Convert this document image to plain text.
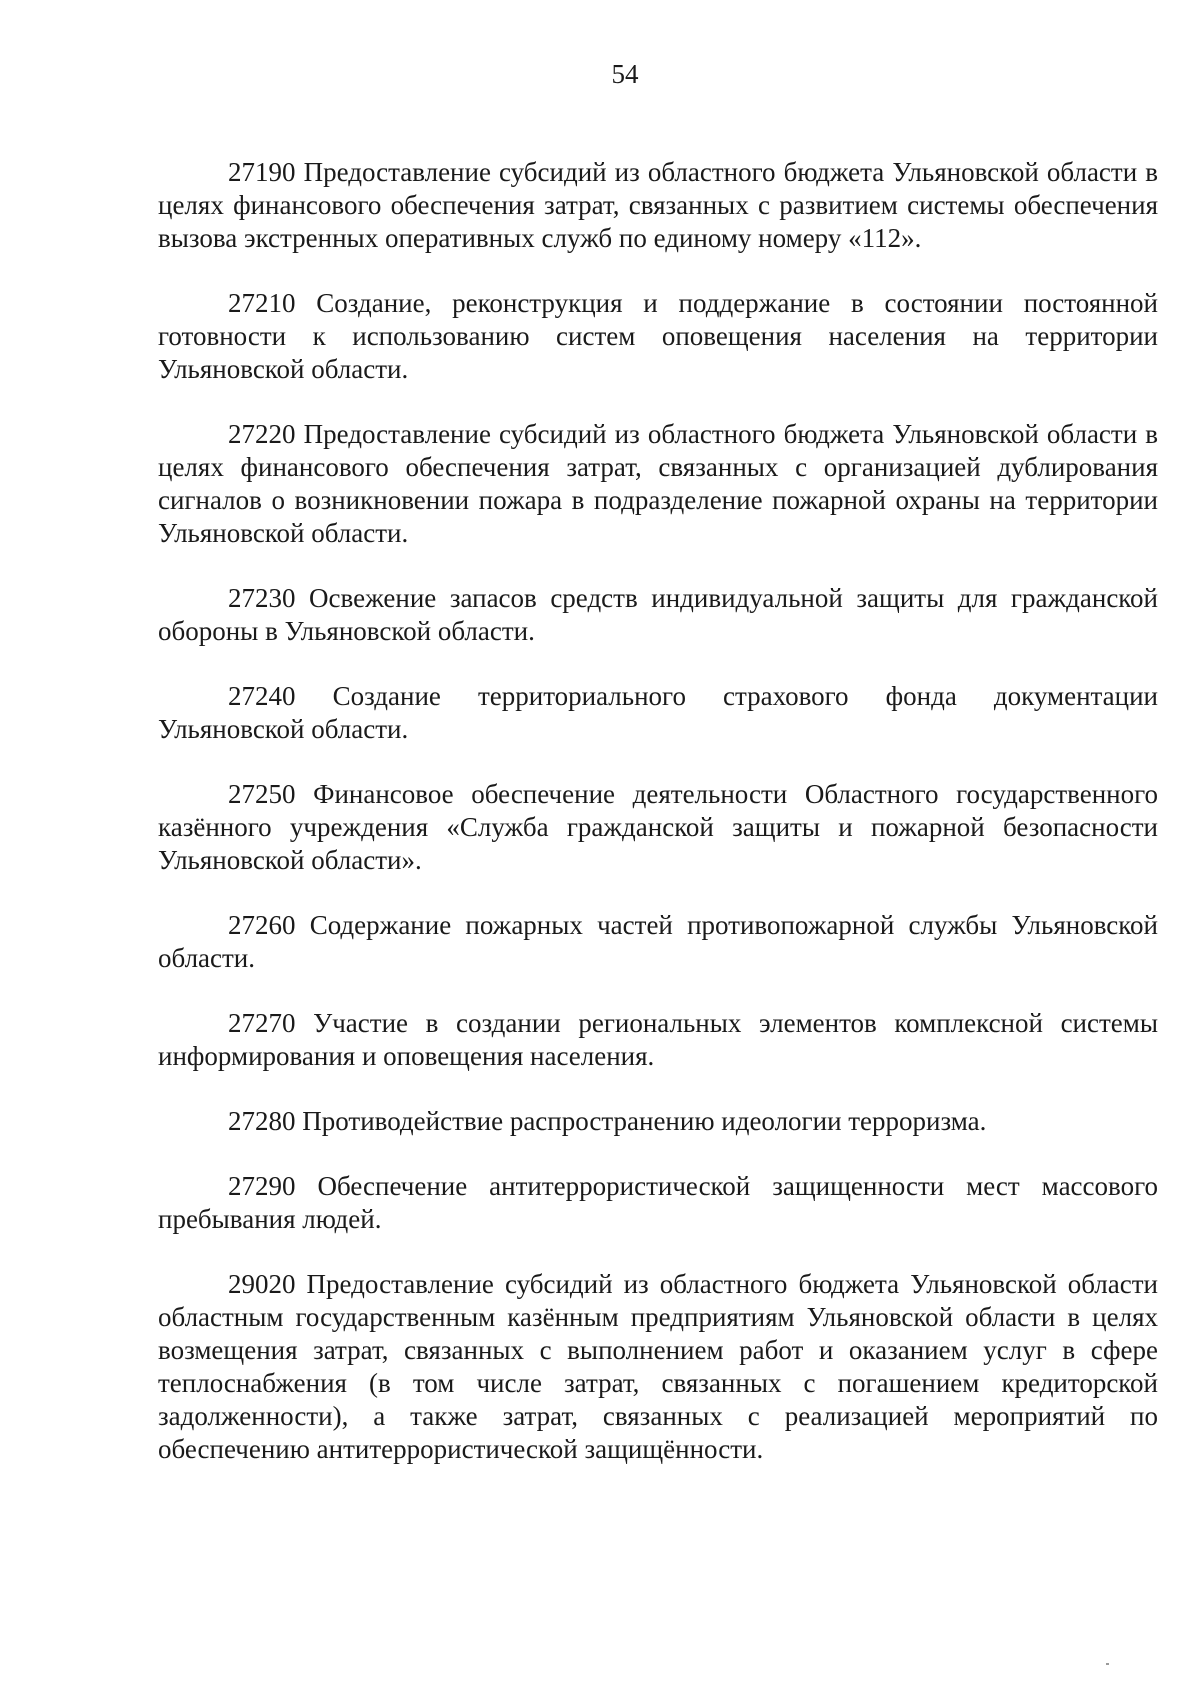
54

27190 Предоставление субсидий из областного бюджета Ульяновской области в целях финансового обеспечения затрат, связанных с развитием системы обеспечения вызова экстренных оперативных служб по единому номеру «112».

27210 Создание, реконструкция и поддержание в состоянии постоянной готовности к использованию систем оповещения населения на территории Ульяновской области.

27220 Предоставление субсидий из областного бюджета Ульяновской области в целях финансового обеспечения затрат, связанных с организацией дублирования сигналов о возникновении пожара в подразделение пожарной охраны на территории Ульяновской области.

27230 Освежение запасов средств индивидуальной защиты для гражданской обороны в Ульяновской области.

27240 Создание территориального страхового фонда документации Ульяновской области.

27250 Финансовое обеспечение деятельности Областного государственного казённого учреждения «Служба гражданской защиты и пожарной безопасности Ульяновской области».

27260 Содержание пожарных частей противопожарной службы Ульяновской области.

27270 Участие в создании региональных элементов комплексной системы информирования и оповещения населения.

27280 Противодействие распространению идеологии терроризма.

27290 Обеспечение антитеррористической защищенности мест массового пребывания людей.

29020 Предоставление субсидий из областного бюджета Ульяновской области областным государственным казённым предприятиям Ульяновской области в целях возмещения затрат, связанных с выполнением работ и оказанием услуг в сфере теплоснабжения (в том числе затрат, связанных с погашением кредиторской задолженности), а также затрат, связанных с реализацией мероприятий по обеспечению антитеррористической защищённости.
